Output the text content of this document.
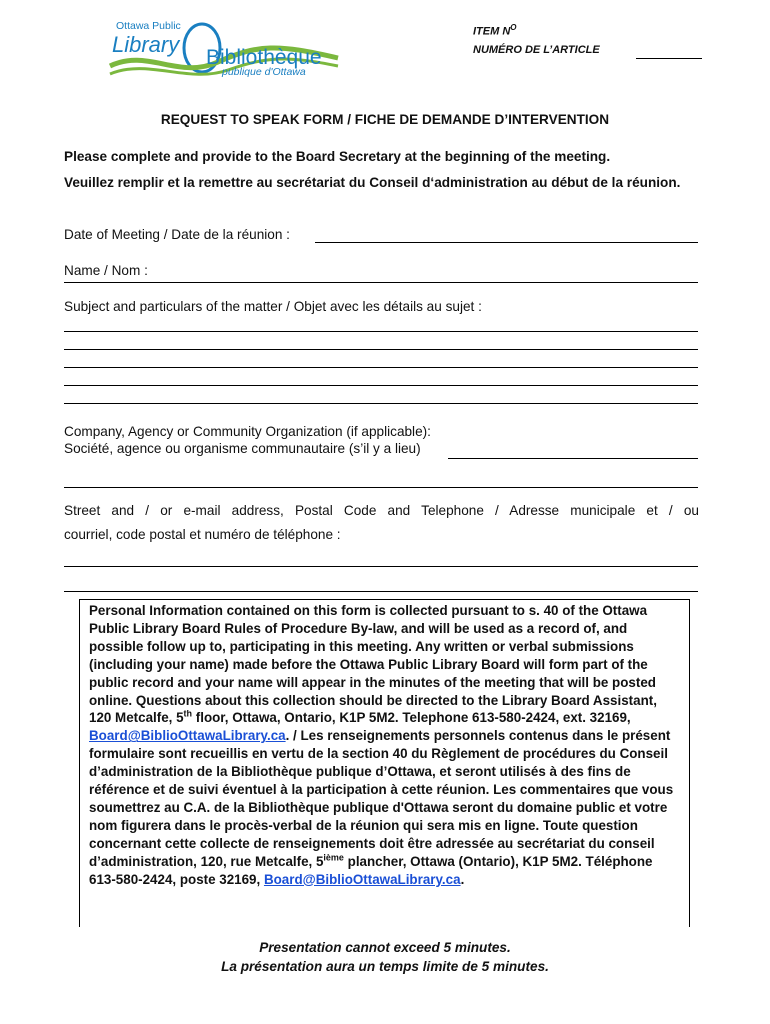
Ottawa Public
Library
Bibliothèque
publique d'Ottawa
ITEM $N^O$
NUMÉRO DE L’ARTICLE
REQUEST TO SPEAK FORM / FICHE DE DEMANDE D’INTERVENTION
Please complete and provide to the Board Secretary at the beginning of the meeting.
Veuillez remplir et la remettre au secrétariat du Conseil d‘administration au début de la réunion.
Date of Meeting / Date de la réunion :
Name / Nom :
Subject and particulars of the matter / Objet avec les détails au sujet :
Company, Agency or Community Organization (if applicable):
Société, agence ou organisme communautaire (s’il y a lieu)
Street and / or e-mail address, Postal Code and Telephone / Adresse municipale et / ou
courriel, code postal et numéro de téléphone :
Personal Information contained on this form is collected pursuant to s. 40 of the Ottawa Public Library Board Rules of Procedure By-law, and will be used as a record of, and possible follow up to, participating in this meeting. Any written or verbal submissions (including your name) made before the Ottawa Public Library Board will form part of the public record and your name will appear in the minutes of the meeting that will be posted online. Questions about this collection should be directed to the Library Board Assistant, 120 Metcalfe, 5th floor, Ottawa, Ontario, K1P 5M2. Telephone 613-580-2424, ext. 32169, Board@BiblioOttawaLibrary.ca. / Les renseignements personnels contenus dans le présent formulaire sont recueillis en vertu de la section 40 du Règlement de procédures du Conseil d’administration de la Bibliothèque publique d’Ottawa, et seront utilisés à des fins de référence et de suivi éventuel à la participation à cette réunion. Les commentaires que vous soumettrez au C.A. de la Bibliothèque publique d'Ottawa seront du domaine public et votre nom figurera dans le procès-verbal de la réunion qui sera mis en ligne. Toute question concernant cette collecte de renseignements doit être adressée au secrétariat du conseil d’administration, 120, rue Metcalfe, 5ième plancher, Ottawa (Ontario), K1P 5M2. Téléphone 613-580-2424, poste 32169, Board@BiblioOttawaLibrary.ca.
Presentation cannot exceed 5 minutes.
La présentation aura un temps limite de 5 minutes.
